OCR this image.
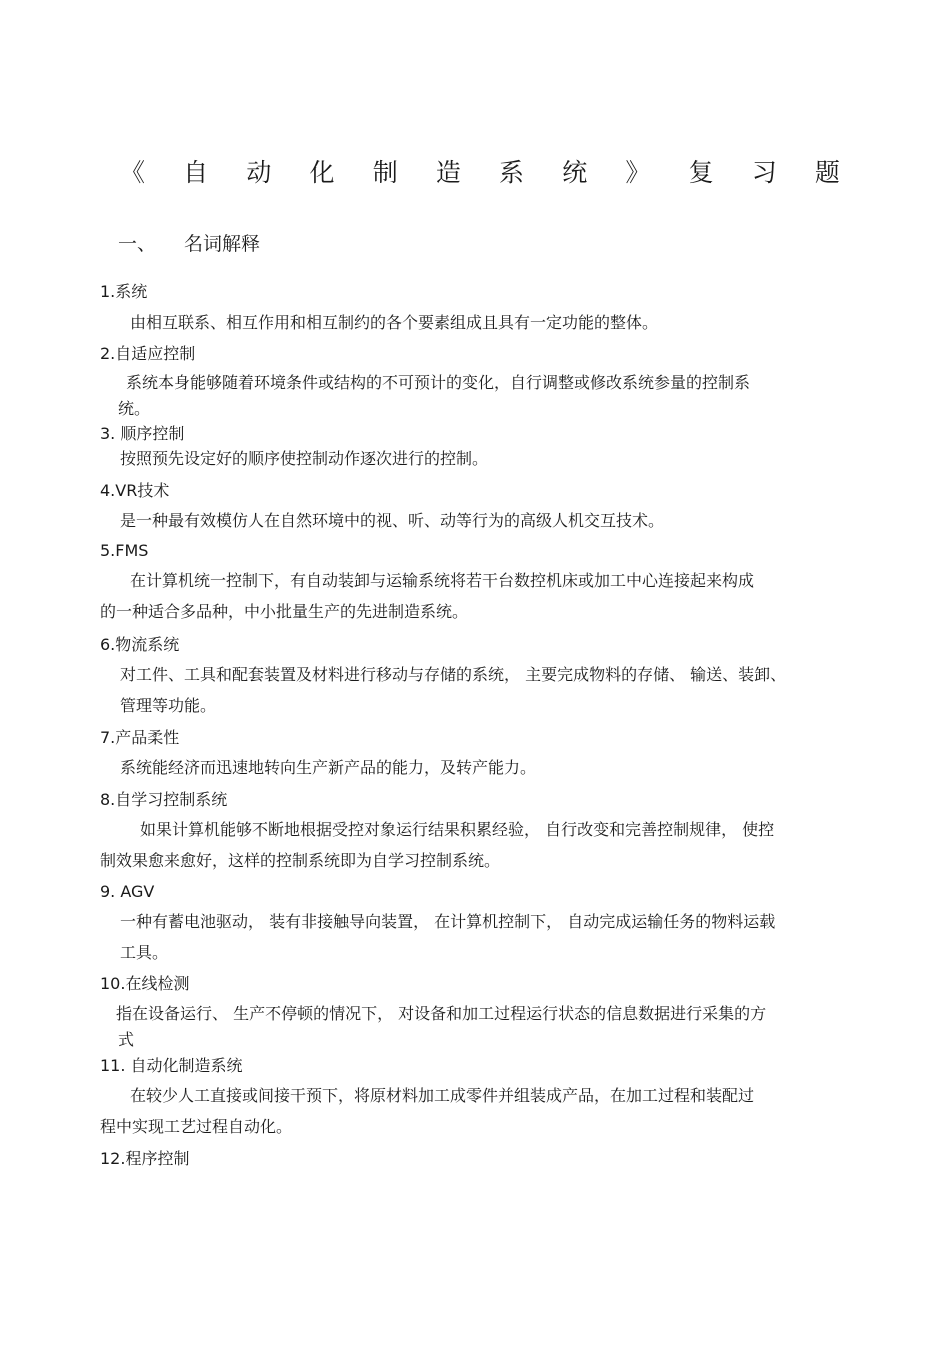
《 自 动 化 制 造 系 统 》 复 习 题
一、 名词解释
1.系统
由相互联系、相互作用和相互制约的各个要素组成且具有一定功能的整体。
2.自适应控制
系统本身能够随着环境条件或结构的不可预计的变化，自行调整或修改系统参量的控制系
统。
3. 顺序控制
按照预先设定好的顺序使控制动作逐次进行的控制。
4.VR技术
是一种最有效模仿人在自然环境中的视、听、动等行为的高级人机交互技术。
5.FMS
在计算机统一控制下，有自动装卸与运输系统将若干台数控机床或加工中心连接起来构成
的一种适合多品种，中小批量生产的先进制造系统。
6.物流系统
对工件、工具和配套装置及材料进行移动与存储的系统， 主要完成物料的存储、 输送、装卸、
管理等功能。
7.产品柔性
系统能经济而迅速地转向生产新产品的能力，及转产能力。
8.自学习控制系统
如果计算机能够不断地根据受控对象运行结果积累经验， 自行改变和完善控制规律， 使控
制效果愈来愈好，这样的控制系统即为自学习控制系统。
9. AGV
一种有蓄电池驱动， 装有非接触导向装置， 在计算机控制下， 自动完成运输任务的物料运载
工具。
10.在线检测
指在设备运行、 生产不停顿的情况下， 对设备和加工过程运行状态的信息数据进行采集的方
式
11. 自动化制造系统
在较少人工直接或间接干预下，将原材料加工成零件并组装成产品，在加工过程和装配过
程中实现工艺过程自动化。
12.程序控制
